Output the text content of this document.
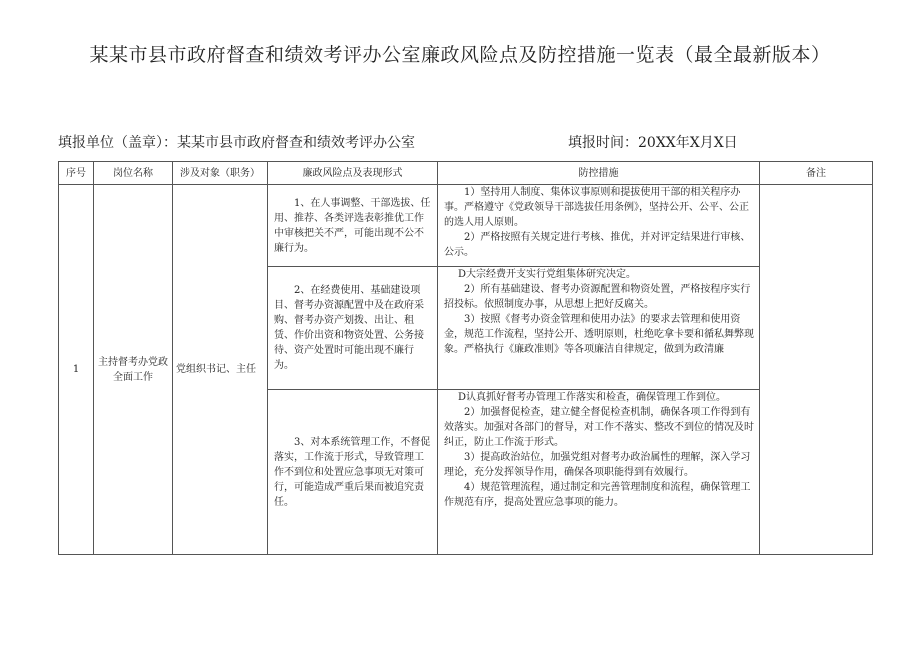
某某市县市政府督查和绩效考评办公室廉政风险点及防控措施一览表（最全最新版本）
填报单位（盖章）：某某市县市政府督查和绩效考评办公室	填报时间：20XX年X月X日
序号	岗位名称	涉及对象（职务）	廉政风险点及表现形式	防控措施	备注
1	主持督考办党政全面工作	党组织书记、主任	1、在人事调整、干部选拔、任用、推荐、各类评选表彰推优工作中审核把关不严，可能出现不公不廉行为。	1）坚持用人制度、集体议事原则和提拔使用干部的相关程序办事。严格遵守《党政领导干部选拔任用条例》，坚持公开、公平、公正的选人用人原则。

2）严格按照有关规定进行考核、推优，并对评定结果进行审核、公示。	

			2、在经费使用、基础建设项目、督考办资源配置中及在政府采购、督考办资产划拨、出让、租赁、作价出资和物资处置、公务接待、资产处置时可能出现不廉行为。	D大宗经费开支实行党组集体研究决定。

2）所有基础建设、督考办资源配置和物资处置，严格按程序实行招投标。依照制度办事，从思想上把好反腐关。

3）按照《督考办资金管理和使用办法》的要求去管理和使用资金，规范工作流程，坚持公开、透明原则，杜绝吃拿卡要和循私舞弊现象。严格执行《廉政准则》等各项廉洁自律规定，做到为政清廉	

			3、对本系统管理工作，不督促落实，工作流于形式，导致管理工作不到位和处置应急事项无对策可行，可能造成严重后果而被追究责任。	D认真抓好督考办管理工作落实和检查，确保管理工作到位。

2）加强督促检查，建立健全督促检查机制，确保各项工作得到有效落实。加强对各部门的督导，对工作不落实、整改不到位的情况及时纠正，防止工作流于形式。

3）提高政治站位，加强党组对督考办政治属性的理解，深入学习理论，充分发挥领导作用，确保各项职能得到有效履行。

4）规范管理流程，通过制定和完善管理制度和流程，确保管理工作规范有序，提高处置应急事项的能力。	
